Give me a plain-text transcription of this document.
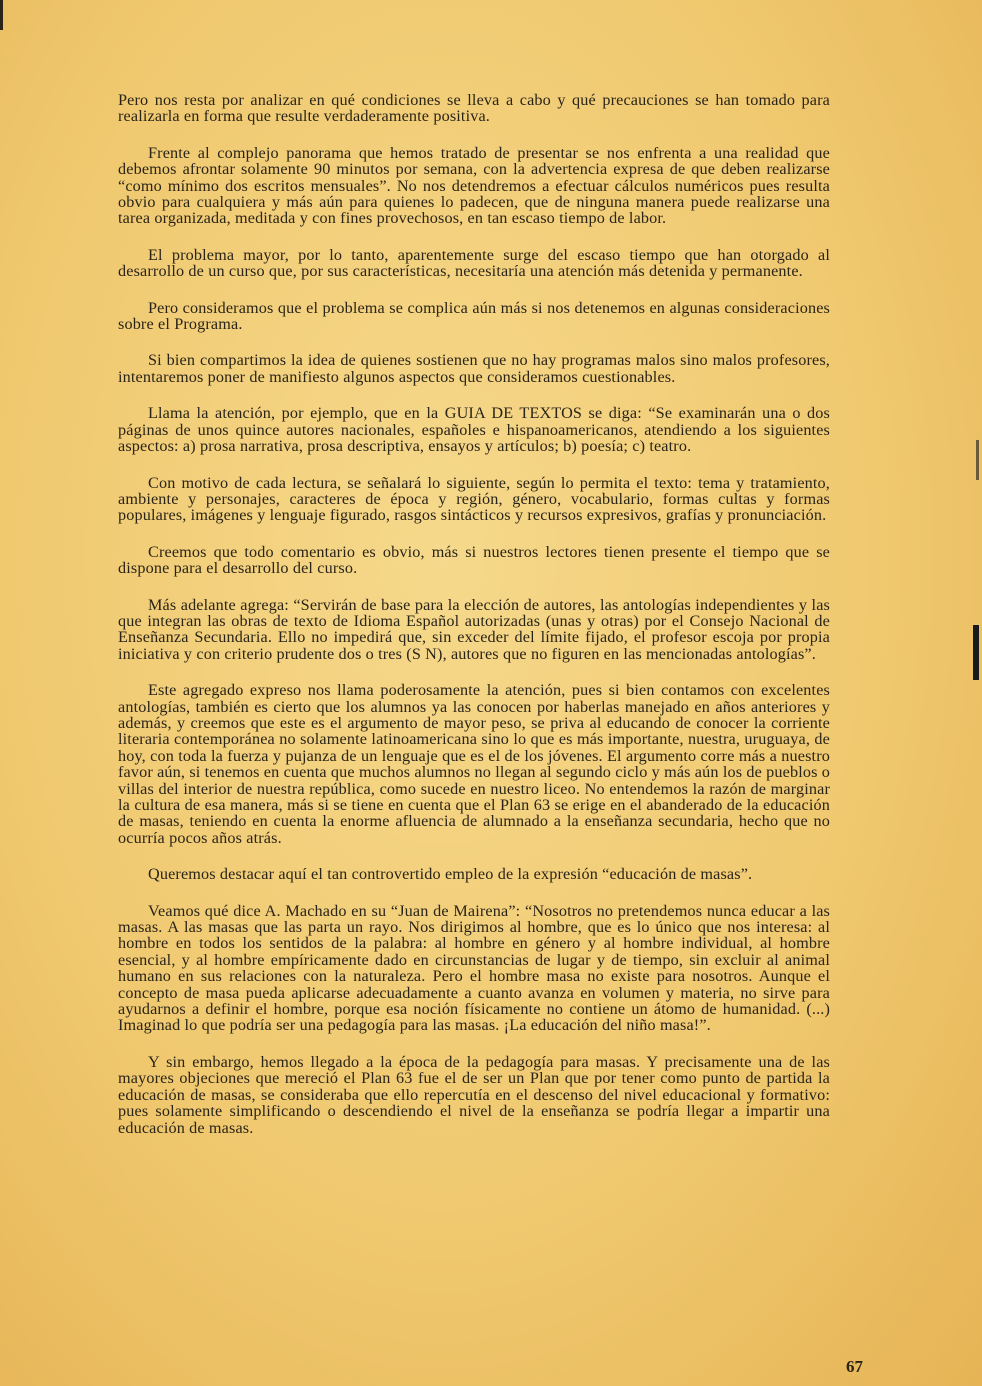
Pero nos resta por analizar en qué condiciones se lleva a cabo y qué precauciones se han tomado para realizarla en forma que resulte verdaderamente positiva.

Frente al complejo panorama que hemos tratado de presentar se nos enfrenta a una realidad que debemos afrontar solamente 90 minutos por semana, con la advertencia expresa de que deben realizarse “como mínimo dos escritos mensuales”. No nos detendremos a efectuar cálculos numéricos pues resulta obvio para cualquiera y más aún para quienes lo padecen, que de ninguna manera puede realizarse una tarea organizada, meditada y con fines provechosos, en tan escaso tiempo de labor.

El problema mayor, por lo tanto, aparentemente surge del escaso tiempo que han otorgado al desarrollo de un curso que, por sus características, necesitaría una atención más detenida y permanente.

Pero consideramos que el problema se complica aún más si nos detenemos en algunas consideraciones sobre el Programa.

Si bien compartimos la idea de quienes sostienen que no hay programas malos sino malos profesores, intentaremos poner de manifiesto algunos aspectos que consideramos cuestionables.

Llama la atención, por ejemplo, que en la GUIA DE TEXTOS se diga: “Se examinarán una o dos páginas de unos quince autores nacionales, españoles e hispanoamericanos, atendiendo a los siguientes aspectos: a) prosa narrativa, prosa descriptiva, ensayos y artículos; b) poesía; c) teatro.

Con motivo de cada lectura, se señalará lo siguiente, según lo permita el texto: tema y tratamiento, ambiente y personajes, caracteres de época y región, género, vocabulario, formas cultas y formas populares, imágenes y lenguaje figurado, rasgos sintácticos y recursos expresivos, grafías y pronunciación.

Creemos que todo comentario es obvio, más si nuestros lectores tienen presente el tiempo que se dispone para el desarrollo del curso.

Más adelante agrega: “Servirán de base para la elección de autores, las antologías independientes y las que integran las obras de texto de Idioma Español autorizadas (unas y otras) por el Consejo Nacional de Enseñanza Secundaria. Ello no impedirá que, sin exceder del límite fijado, el profesor escoja por propia iniciativa y con criterio prudente dos o tres (S N), autores que no figuren en las mencionadas antologías”.

Este agregado expreso nos llama poderosamente la atención, pues si bien contamos con excelentes antologías, también es cierto que los alumnos ya las conocen por haberlas manejado en años anteriores y además, y creemos que este es el argumento de mayor peso, se priva al educando de conocer la corriente literaria contemporánea no solamente latinoamericana sino lo que es más importante, nuestra, uruguaya, de hoy, con toda la fuerza y pujanza de un lenguaje que es el de los jóvenes. El argumento corre más a nuestro favor aún, si tenemos en cuenta que muchos alumnos no llegan al segundo ciclo y más aún los de pueblos o villas del interior de nuestra república, como sucede en nuestro liceo. No entendemos la razón de marginar la cultura de esa manera, más si se tiene en cuenta que el Plan 63 se erige en el abanderado de la educación de masas, teniendo en cuenta la enorme afluencia de alumnado a la enseñanza secundaria, hecho que no ocurría pocos años atrás.

Queremos destacar aquí el tan controvertido empleo de la expresión “educación de masas”.

Veamos qué dice A. Machado en su “Juan de Mairena”: “Nosotros no pretendemos nunca educar a las masas. A las masas que las parta un rayo. Nos dirigimos al hombre, que es lo único que nos interesa: al hombre en todos los sentidos de la palabra: al hombre en género y al hombre individual, al hombre esencial, y al hombre empíricamente dado en circunstancias de lugar y de tiempo, sin excluir al animal humano en sus relaciones con la naturaleza. Pero el hombre masa no existe para nosotros. Aunque el concepto de masa pueda aplicarse adecuadamente a cuanto avanza en volumen y materia, no sirve para ayudarnos a definir el hombre, porque esa noción físicamente no contiene un átomo de humanidad. (...) Imaginad lo que podría ser una pedagogía para las masas. ¡La educación del niño masa!”.

Y sin embargo, hemos llegado a la época de la pedagogía para masas. Y precisamente una de las mayores objeciones que mereció el Plan 63 fue el de ser un Plan que por tener como punto de partida la educación de masas, se consideraba que ello repercutía en el descenso del nivel educacional y formativo: pues solamente simplificando o descendiendo el nivel de la enseñanza se podría llegar a impartir una educación de masas.

67
